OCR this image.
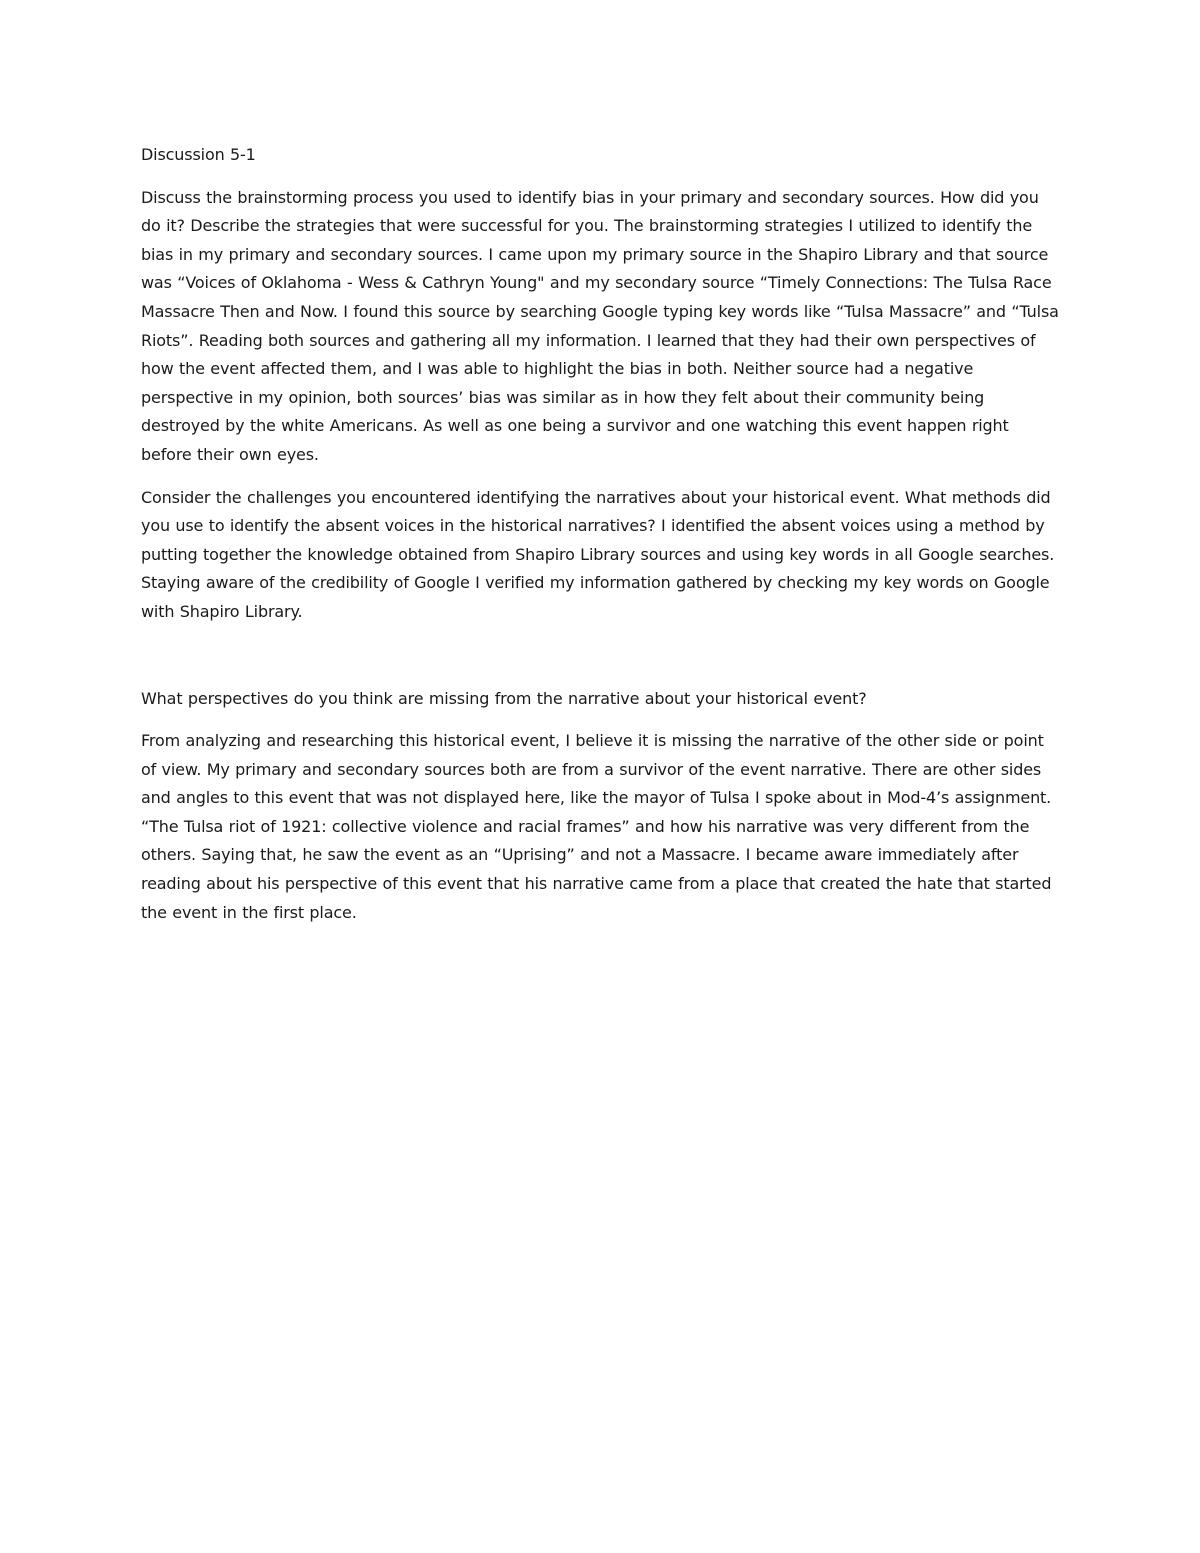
Discussion 5-1

Discuss the brainstorming process you used to identify bias in your primary and secondary sources. How did you do it? Describe the strategies that were successful for you. The brainstorming strategies I utilized to identify the bias in my primary and secondary sources. I came upon my primary source in the Shapiro Library and that source was “Voices of Oklahoma - Wess & Cathryn Young" and my secondary source “Timely Connections: The Tulsa Race Massacre Then and Now. I found this source by searching Google typing key words like “Tulsa Massacre” and “Tulsa Riots”. Reading both sources and gathering all my information. I learned that they had their own perspectives of how the event affected them, and I was able to highlight the bias in both. Neither source had a negative perspective in my opinion, both sources’ bias was similar as in how they felt about their community being destroyed by the white Americans. As well as one being a survivor and one watching this event happen right before their own eyes.

Consider the challenges you encountered identifying the narratives about your historical event. What methods did you use to identify the absent voices in the historical narratives? I identified the absent voices using a method by putting together the knowledge obtained from Shapiro Library sources and using key words in all Google searches. Staying aware of the credibility of Google I verified my information gathered by checking my key words on Google with Shapiro Library.

What perspectives do you think are missing from the narrative about your historical event?

From analyzing and researching this historical event, I believe it is missing the narrative of the other side or point of view. My primary and secondary sources both are from a survivor of the event narrative. There are other sides and angles to this event that was not displayed here, like the mayor of Tulsa I spoke about in Mod-4’s assignment. “The Tulsa riot of 1921: collective violence and racial frames” and how his narrative was very different from the others. Saying that, he saw the event as an “Uprising” and not a Massacre. I became aware immediately after reading about his perspective of this event that his narrative came from a place that created the hate that started the event in the first place.
